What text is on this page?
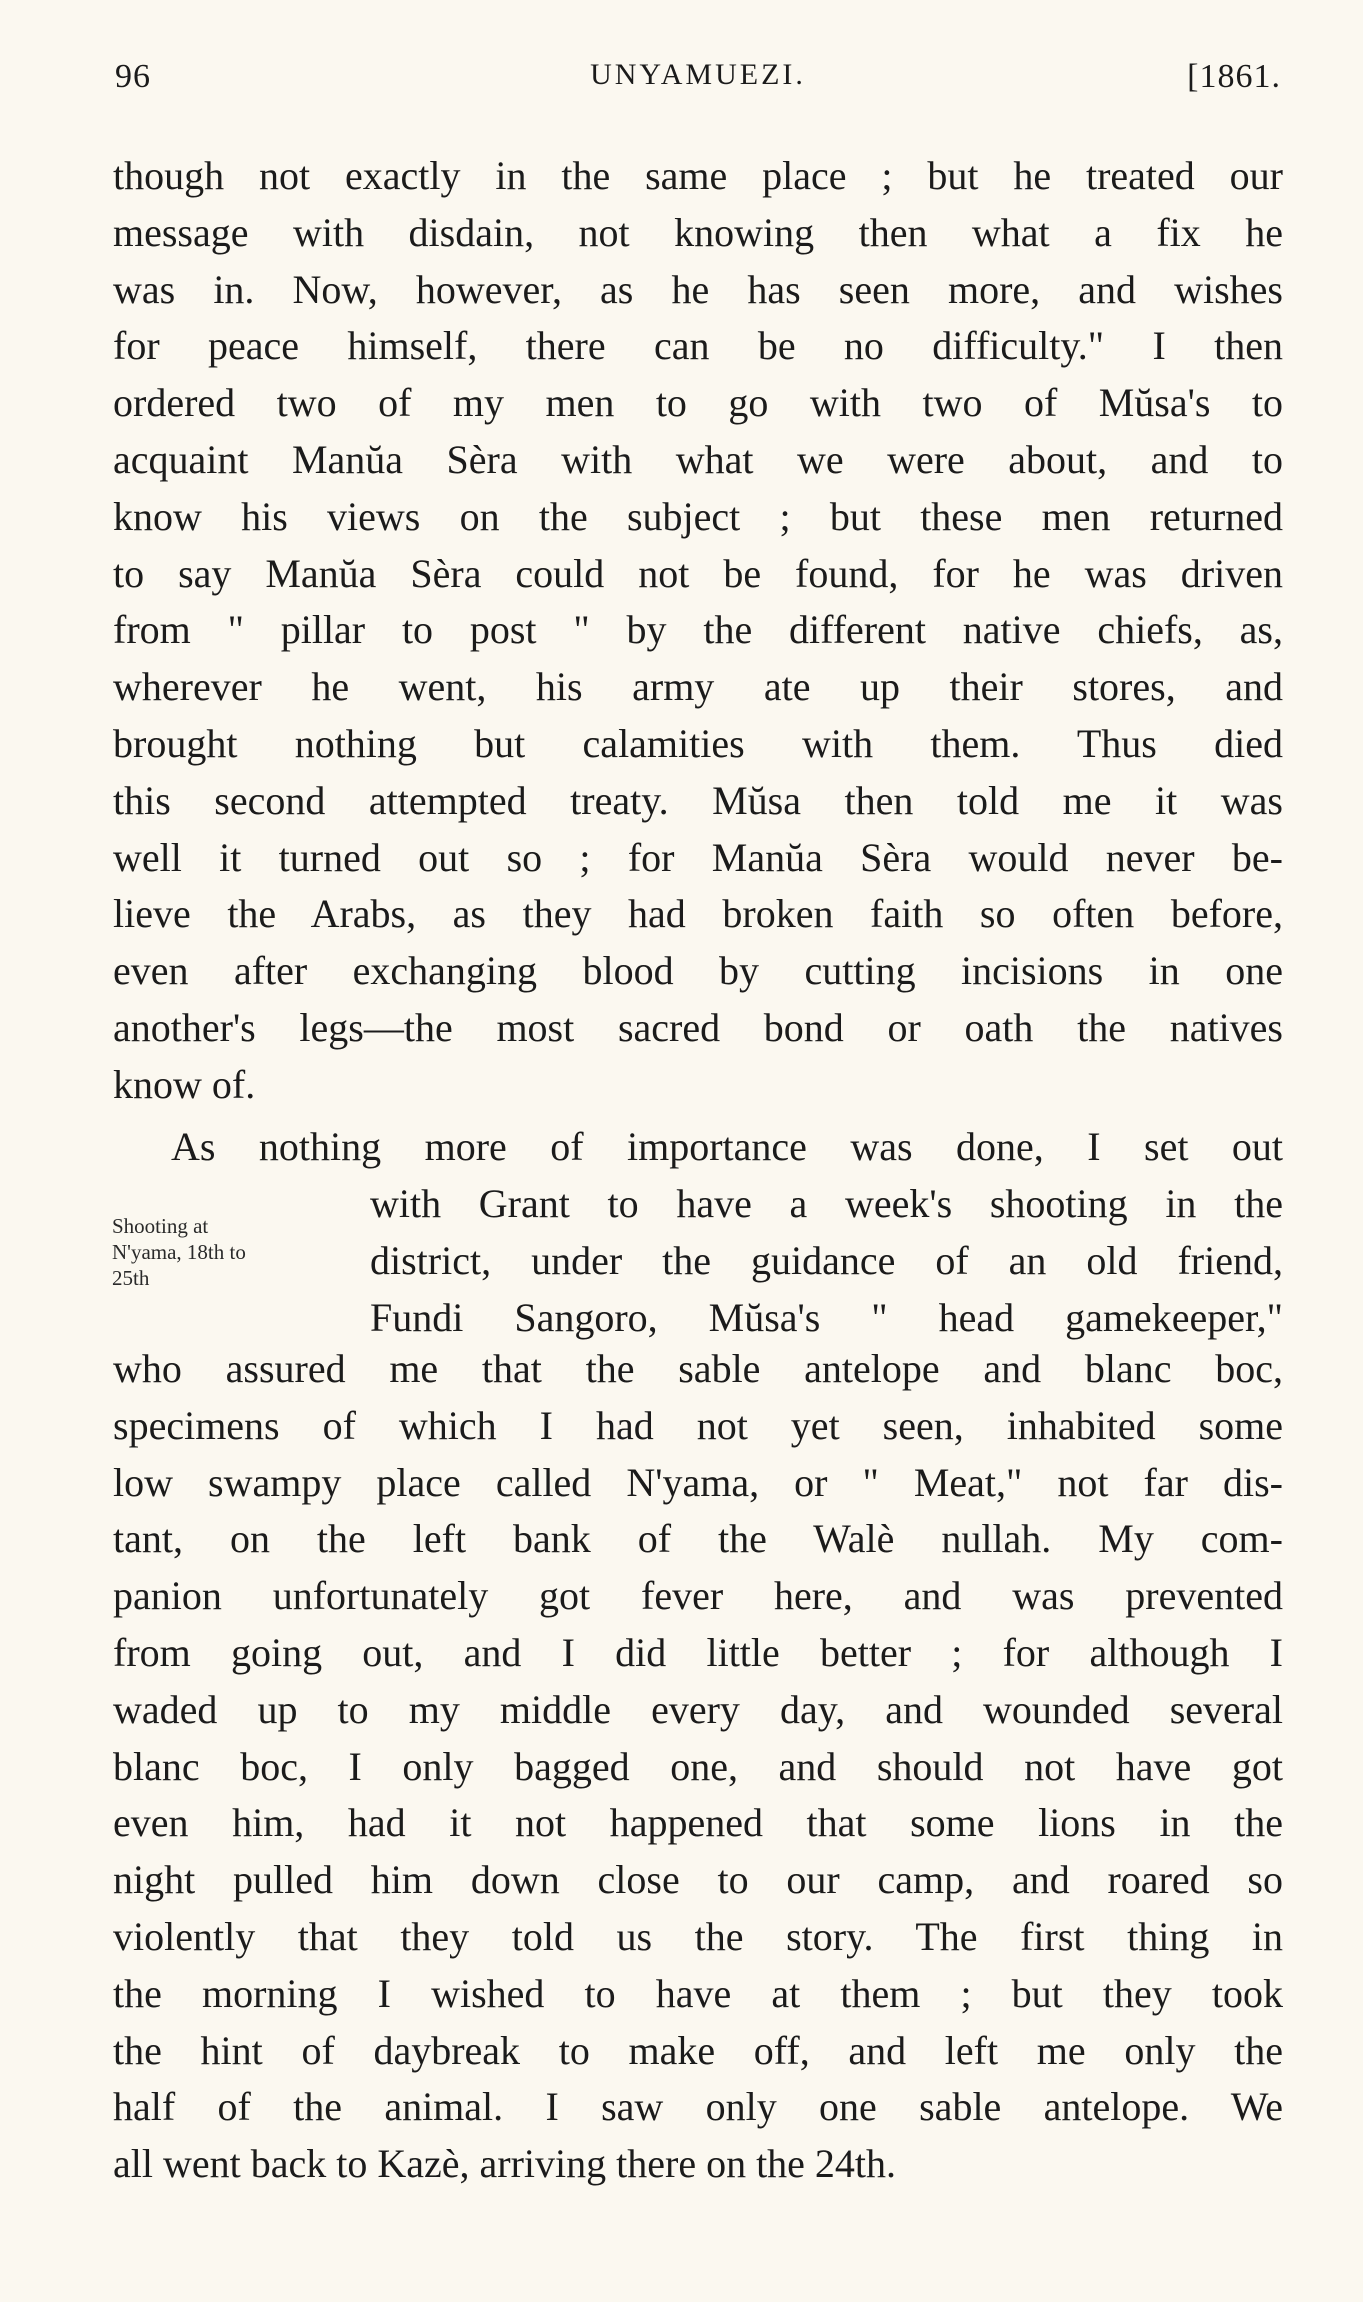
96	UNYAMUEZI.	[1861.
though not exactly in the same place ; but he treated our
message with disdain, not knowing then what a fix he
was in. Now, however, as he has seen more, and wishes
for peace himself, there can be no difficulty." I then
ordered two of my men to go with two of Mŭsa's to
acquaint Manŭa Sèra with what we were about, and to
know his views on the subject ; but these men returned
to say Manŭa Sèra could not be found, for he was driven
from " pillar to post " by the different native chiefs, as,
wherever he went, his army ate up their stores, and
brought nothing but calamities with them. Thus died
this second attempted treaty. Mŭsa then told me it was
well it turned out so ; for Manŭa Sèra would never be-
lieve the Arabs, as they had broken faith so often before,
even after exchanging blood by cutting incisions in one
another's legs—the most sacred bond or oath the natives
know of.
As nothing more of importance was done, I set out
Shooting at
N'yama, 18th to
25th
with Grant to have a week's shooting in the
district, under the guidance of an old friend,
Fundi Sangoro, Mŭsa's " head gamekeeper,"
who assured me that the sable antelope and blanc boc,
specimens of which I had not yet seen, inhabited some
low swampy place called N'yama, or " Meat," not far dis-
tant, on the left bank of the Walè nullah. My com-
panion unfortunately got fever here, and was prevented
from going out, and I did little better ; for although I
waded up to my middle every day, and wounded several
blanc boc, I only bagged one, and should not have got
even him, had it not happened that some lions in the
night pulled him down close to our camp, and roared so
violently that they told us the story. The first thing in
the morning I wished to have at them ; but they took
the hint of daybreak to make off, and left me only the
half of the animal. I saw only one sable antelope. We
all went back to Kazè, arriving there on the 24th.
